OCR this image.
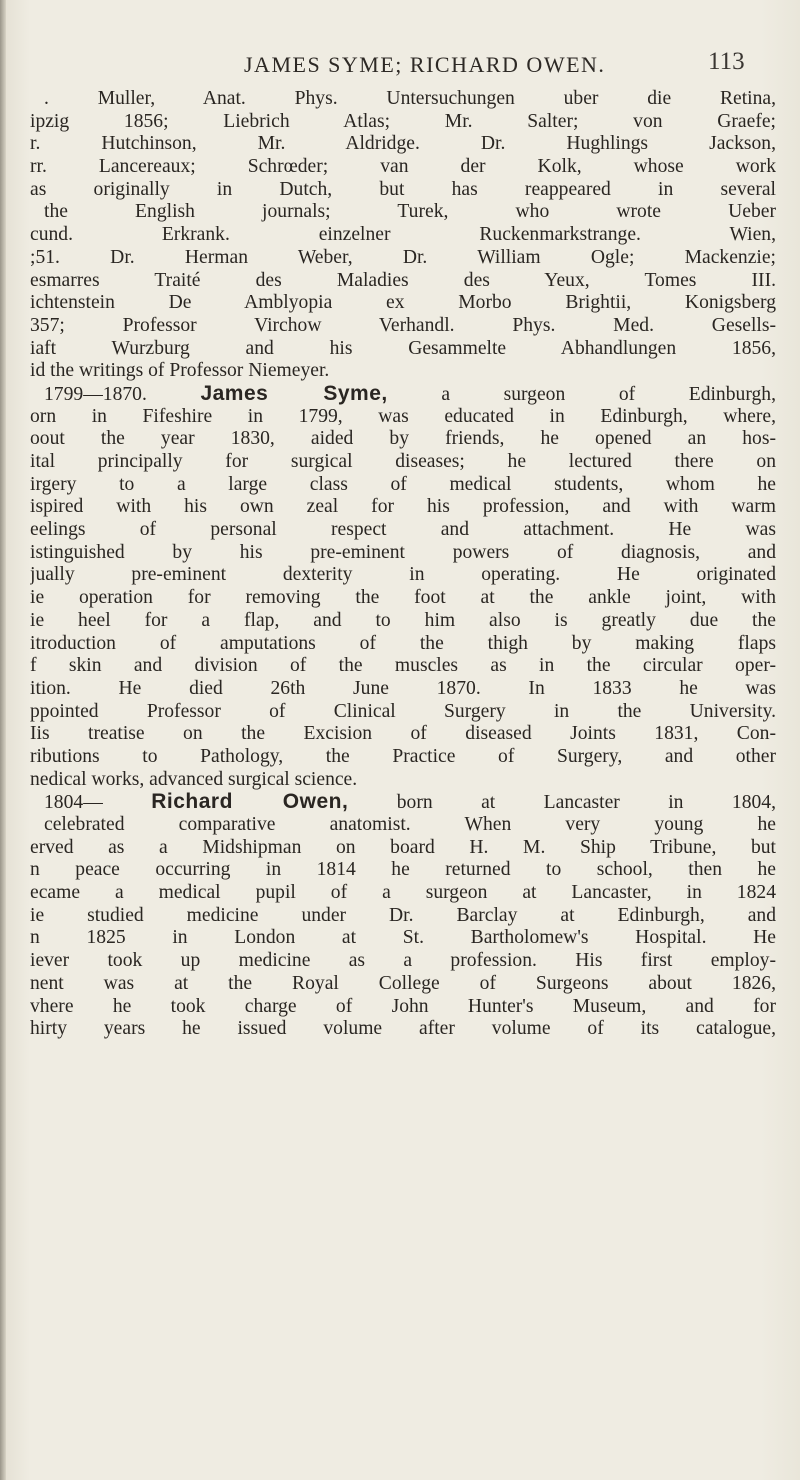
JAMES SYME; RICHARD OWEN.	113
. Muller, Anat. Phys. Untersuchungen uber die Retina,
ipzig 1856; Liebrich Atlas; Mr. Salter; von Graefe;
r. Hutchinson, Mr. Aldridge. Dr. Hughlings Jackson,
rr. Lancereaux; Schrœder; van der Kolk, whose work
as originally in Dutch, but has reappeared in several
the English journals; Turek, who wrote Ueber
cund. Erkrank. einzelner Ruckenmarkstrange. Wien,
;51. Dr. Herman Weber, Dr. William Ogle; Mackenzie;
esmarres Traité des Maladies des Yeux, Tomes III.
ichtenstein De Amblyopia ex Morbo Brightii, Konigsberg
357; Professor Virchow Verhandl. Phys. Med. Gesells-
iaft Wurzburg and his Gesammelte Abhandlungen 1856,
id the writings of Professor Niemeyer.
1799—1870.	James Syme,	a surgeon of Edinburgh,
orn in Fifeshire in 1799, was educated in Edinburgh, where,
oout the year 1830, aided by friends, he opened an hos-
ital principally for surgical diseases; he lectured there on
irgery to a large class of medical students, whom he
ispired with his own zeal for his profession, and with warm
eelings of personal respect and attachment. He was
istinguished by his pre-eminent powers of diagnosis, and
jually pre-eminent dexterity in operating. He originated
ie operation for removing the foot at the ankle joint, with
ie heel for a flap, and to him also is greatly due the
itroduction of amputations of the thigh by making flaps
f skin and division of the muscles as in the circular oper-
ition. He died 26th June 1870. In 1833 he was
ppointed Professor of Clinical Surgery in the University.
Iis treatise on the Excision of diseased Joints 1831, Con-
ributions to Pathology, the Practice of Surgery, and other
nedical works, advanced surgical science.
1804— Richard Owen, born at Lancaster in 1804,
celebrated comparative anatomist. When very young he
erved as a Midshipman on board H. M. Ship Tribune, but
n peace occurring in 1814 he returned to school, then he
ecame a medical pupil of a surgeon at Lancaster, in 1824
ie studied medicine under Dr. Barclay at Edinburgh, and
n 1825 in London at St. Bartholomew's Hospital. He
iever took up medicine as a profession. His first employ-
nent was at the Royal College of Surgeons about 1826,
vhere he took charge of John Hunter's Museum, and for
hirty years he issued volume after volume of its catalogue,
